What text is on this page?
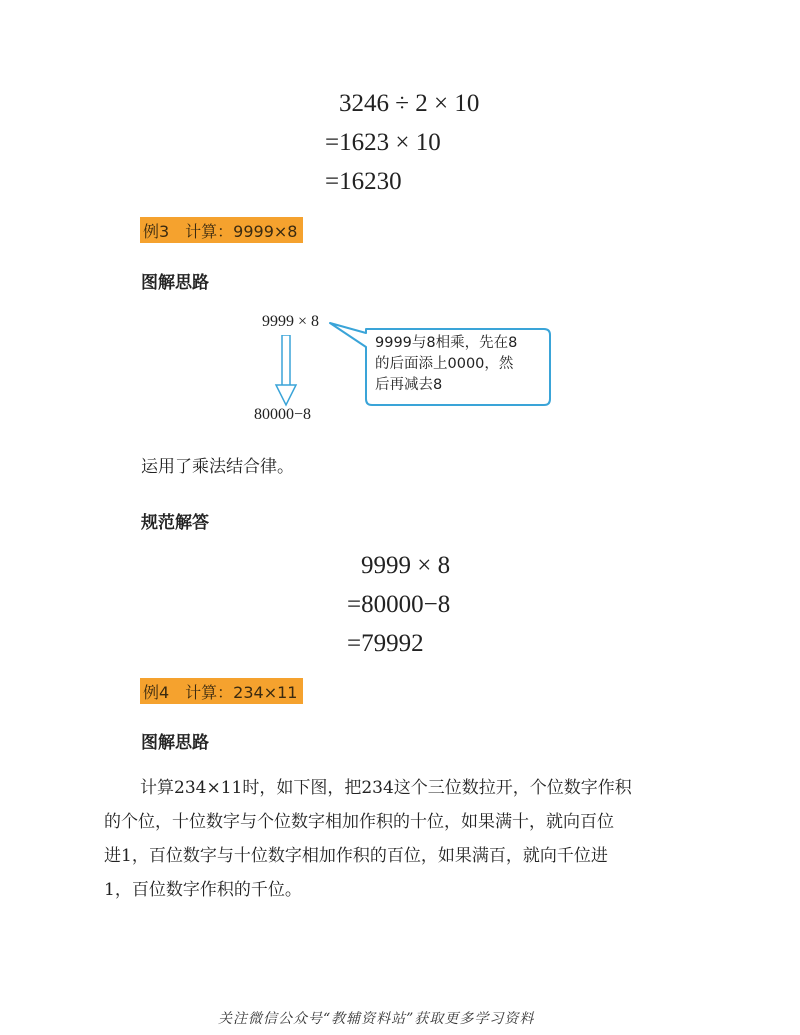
3246 ÷ 2 × 10
=1623 × 10
=16230
例3　计算：9999×8
图解思路
9999 × 8
80000−8
9999与8相乘，先在8
的后面添上0000，然
后再减去8
运用了乘法结合律。
规范解答
9999 × 8
=80000−8
=79992
例4　计算：234×11
图解思路
计算234×11时，如下图，把234这个三位数拉开，个位数字作积
的个位，十位数字与个位数字相加作积的十位，如果满十，就向百位
进1，百位数字与十位数字相加作积的百位，如果满百，就向千位进
1，百位数字作积的千位。
关注微信公众号“教辅资料站”获取更多学习资料
